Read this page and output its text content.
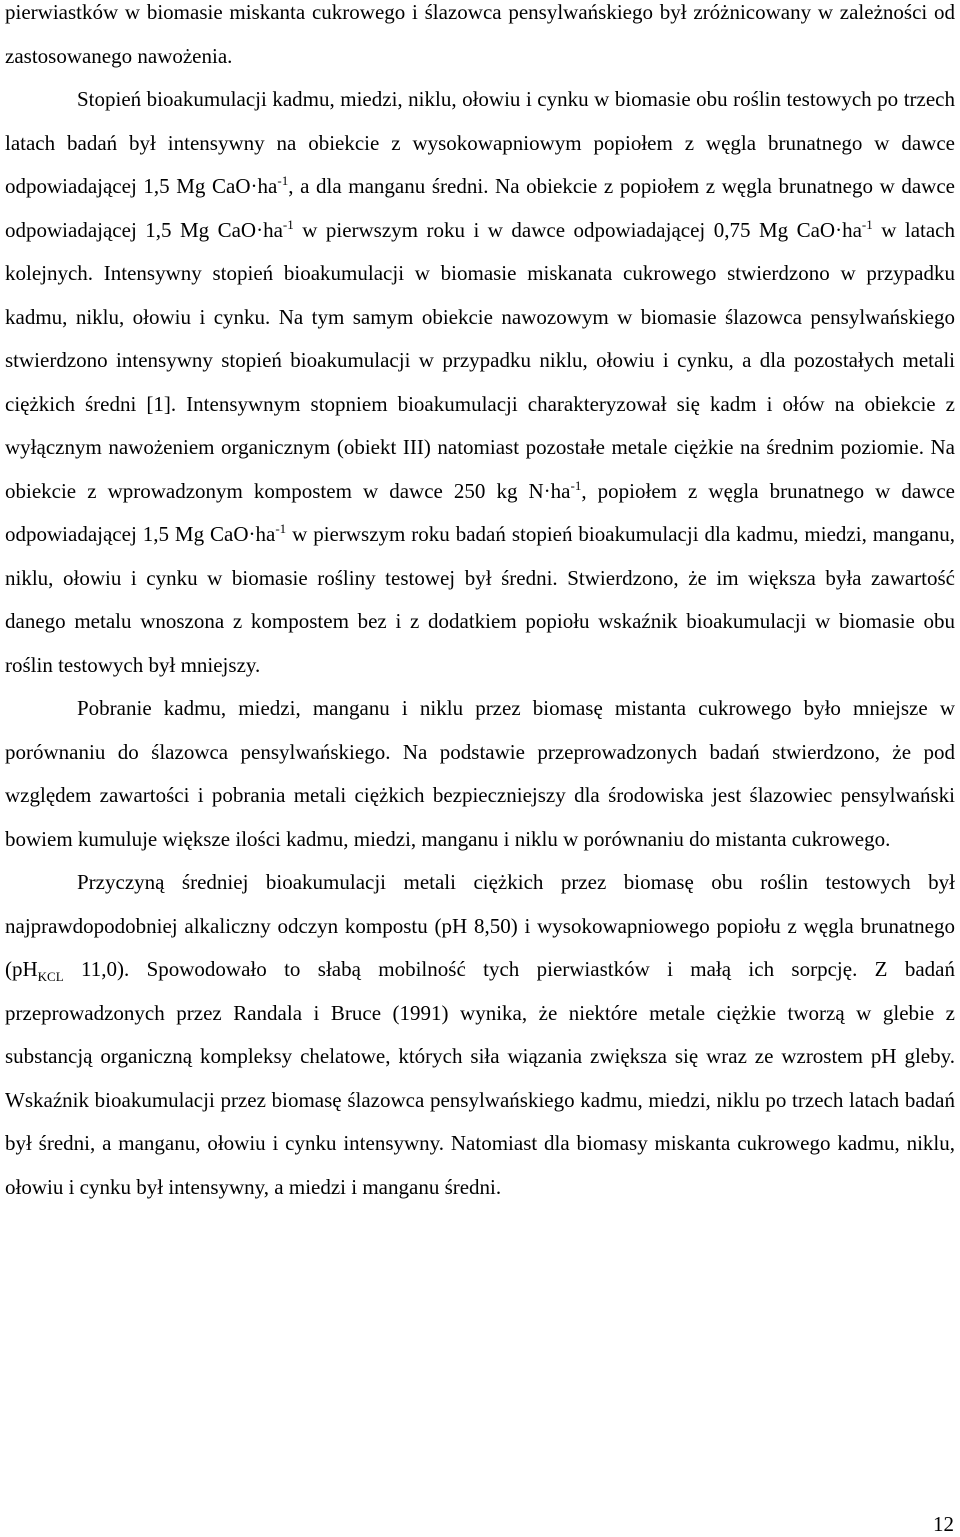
pierwiastków w biomasie miskanta cukrowego i ślazowca pensylwańskiego był zróżnicowany w zależności od zastosowanego nawożenia.

Stopień bioakumulacji kadmu, miedzi, niklu, ołowiu i cynku w biomasie obu roślin testowych po trzech latach badań był intensywny na obiekcie z wysokowapniowym popiołem z węgla brunatnego w dawce odpowiadającej 1,5 Mg $CaO\cdot ha^{-1}$, a dla manganu średni. Na obiekcie z popiołem z węgla brunatnego w dawce odpowiadającej 1,5 Mg $CaO\cdot ha^{-1}$ w pierwszym roku i w dawce odpowiadającej 0,75 Mg $CaO\cdot ha^{-1}$ w latach kolejnych. Intensywny stopień bioakumulacji w biomasie miskanata cukrowego stwierdzono w przypadku kadmu, niklu, ołowiu i cynku. Na tym samym obiekcie nawozowym w biomasie ślazowca pensylwańskiego stwierdzono intensywny stopień bioakumulacji w przypadku niklu, ołowiu i cynku, a dla pozostałych metali ciężkich średni [1]. Intensywnym stopniem bioakumulacji charakteryzował się kadm i ołów na obiekcie z wyłącznym nawożeniem organicznym (obiekt III) natomiast pozostałe metale ciężkie na średnim poziomie. Na obiekcie z wprowadzonym kompostem w dawce 250 kg $N\cdot ha^{-1}$, popiołem z węgla brunatnego w dawce odpowiadającej 1,5 Mg $CaO\cdot ha^{-1}$ w pierwszym roku badań stopień bioakumulacji dla kadmu, miedzi, manganu, niklu, ołowiu i cynku w biomasie rośliny testowej był średni. Stwierdzono, że im większa była zawartość danego metalu wnoszona z kompostem bez i z dodatkiem popiołu wskaźnik bioakumulacji w biomasie obu roślin testowych był mniejszy.

Pobranie kadmu, miedzi, manganu i niklu przez biomasę mistanta cukrowego było mniejsze w porównaniu do ślazowca pensylwańskiego. Na podstawie przeprowadzonych badań stwierdzono, że pod względem zawartości i pobrania metali ciężkich bezpieczniejszy dla środowiska jest ślazowiec pensylwański bowiem kumuluje większe ilości kadmu, miedzi, manganu i niklu w porównaniu do mistanta cukrowego.

Przyczyną średniej bioakumulacji metali ciężkich przez biomasę obu roślin testowych był najprawdopodobniej alkaliczny odczyn kompostu (pH 8,50) i wysokowapniowego popiołu z węgla brunatnego ($pH_{KCL}$ 11,0). Spowodowało to słabą mobilność tych pierwiastków i małą ich sorpcję. Z badań przeprowadzonych przez Randala i Bruce (1991) wynika, że niektóre metale ciężkie tworzą w glebie z substancją organiczną kompleksy chelatowe, których siła wiązania zwiększa się wraz ze wzrostem pH gleby. Wskaźnik bioakumulacji przez biomasę ślazowca pensylwańskiego kadmu, miedzi, niklu po trzech latach badań był średni, a manganu, ołowiu i cynku intensywny. Natomiast dla biomasy miskanta cukrowego kadmu, niklu, ołowiu i cynku był intensywny, a miedzi i manganu średni.

12
